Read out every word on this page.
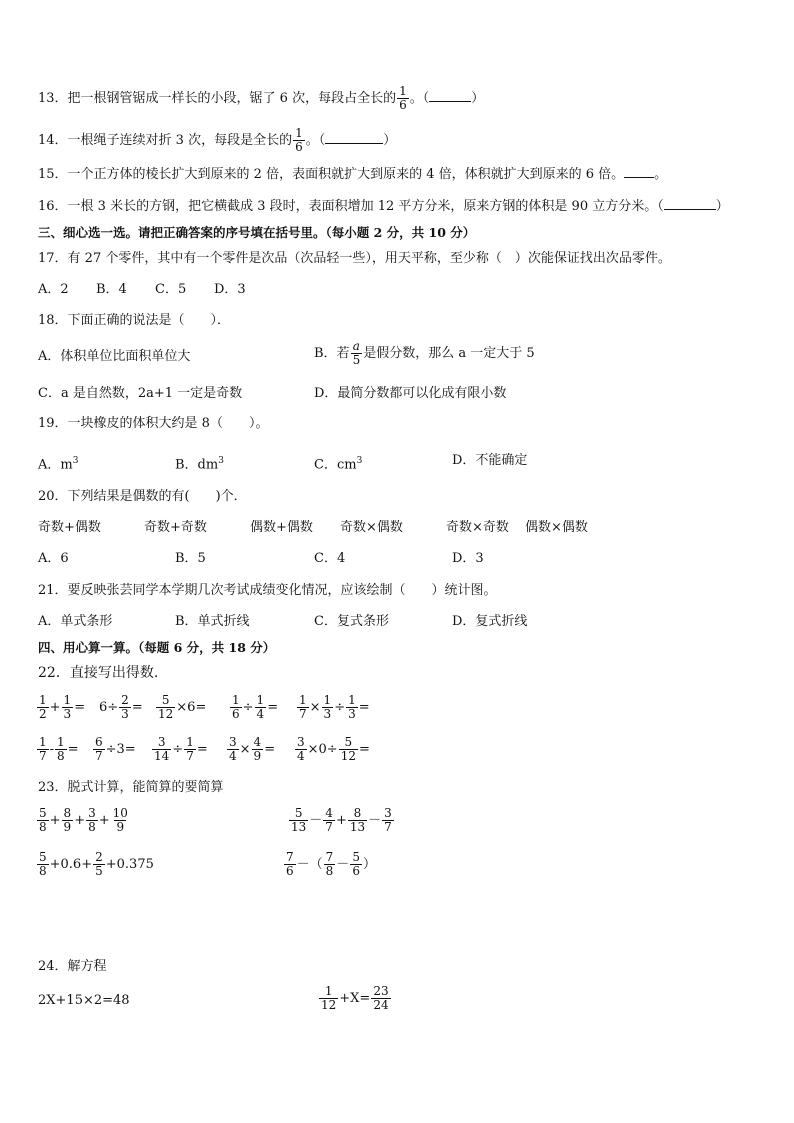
13．把一根钢管锯成一样长的小段，锯了 6 次，每段占全长的 $\frac{1}{6}$ 。（	）
14．一根绳子连续对折 3 次，每段是全长的 $\frac{1}{6}$ 。（	）
15．一个正方体的棱长扩大到原来的 2 倍，表面积就扩大到原来的 4 倍，体积就扩大到原来的 6 倍。 。
16．一根 3 米长的方钢，把它横截成 3 段时，表面积增加 12 平方分米，原来方钢的体积是 90 立方分米。（	）
三、细心选一选。请把正确答案的序号填在括号里。（每小题 2 分，共 10 分）
17．有 27 个零件，其中有一个零件是次品（次品轻一些），用天平称，至少称（　）次能保证找出次品零件。
A．2 B．4 C．5 D．3
18．下面正确的说法是（　　）．
A．体积单位比面积单位大	B．若 $\frac{a}{5}$ 是假分数，那么 a 一定大于 5
C．a 是自然数，2a+1 一定是奇数	D．最简分数都可以化成有限小数
19．一块橡皮的体积大约是 8（　　）。
A．$m^3$	B．$dm^3$	C．$cm^3$	D．不能确定
20．下列结果是偶数的有(　　)个．
奇数+偶数	奇数+奇数	偶数+偶数 奇数×偶数	奇数×奇数 偶数×偶数
A．6	B．5	C．4	D．3
21．要反映张芸同学本学期几次考试成绩变化情况，应该绘制（　　）统计图。
A．单式条形	B．单式折线	C．复式条形	D．复式折线
四、用心算一算。（每题 6 分，共 18 分）
22．直接写出得数.
$\frac{1}{2} + \frac{1}{3} = 6\div \frac{2}{3} = \frac{5}{12} \times 6= \frac{1}{6} \div \frac{1}{4} = \frac{1}{7} \times \frac{1}{3} \div \frac{1}{3}$ =
$\frac{1}{7} - \frac{1}{8} = \frac{6}{7} \div 3= \frac{3}{14} \div \frac{1}{7} = \frac{3}{4} \times \frac{4}{9} = \frac{3}{4} \times 0\div \frac{5}{12}$ =
23．脱式计算，能简算的要简算
$\frac{5}{8} + \frac{8}{9} + \frac{3}{8} + \frac{10}{9}$	$\frac{5}{13} - \frac{4}{7} + \frac{8}{13} - \frac{3}{7}$
$\frac{5}{8} +0.6+ \frac{2}{5} +0.375$	$\frac{7}{6}$ －（ $\frac{7}{8} - \frac{5}{6}$ ）
24．解方程
2X+15×2=48	$\frac{1}{12} +X= \frac{23}{24}$
